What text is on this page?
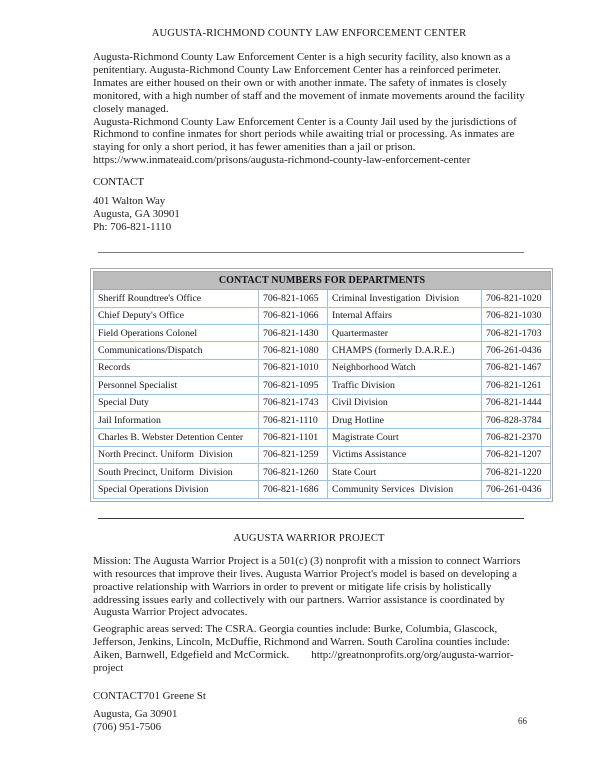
AUGUSTA-RICHMOND COUNTY LAW ENFORCEMENT CENTER

Augusta-Richmond County Law Enforcement Center is a high security facility, also known as a penitentiary. Augusta-Richmond County Law Enforcement Center has a reinforced perimeter. Inmates are either housed on their own or with another inmate. The safety of inmates is closely monitored, with a high number of staff and the movement of inmate movements around the facility closely managed.

Augusta-Richmond County Law Enforcement Center is a County Jail used by the jurisdictions of Richmond to confine inmates for short periods while awaiting trial or processing. As inmates are staying for only a short period, it has fewer amenities than a jail or prison.

https://www.inmateaid.com/prisons/augusta-richmond-county-law-enforcement-center

CONTACT

401 Walton Way
Augusta, GA 30901
Ph: 706-821-1110
CONTACT NUMBERS FOR DEPARTMENTS			
Sheriff Roundtree's Office	706-821-1065	Criminal Investigation  Division	706-821-1020
Chief Deputy's Office	706-821-1066	Internal Affairs	706-821-1030
Field Operations Colonel	706-821-1430	Quartermaster	706-821-1703
Communications/Dispatch	706-821-1080	CHAMPS (formerly D.A.R.E.)	706-261-0436
Records	706-821-1010	Neighborhood Watch	706-821-1467
Personnel Specialist	706-821-1095	Traffic Division	706-821-1261
Special Duty	706-821-1743	Civil Division	706-821-1444
Jail Information	706-821-1110	Drug Hotline	706-828-3784
Charles B. Webster Detention Center	706-821-1101	Magistrate Court	706-821-2370
North Precinct. Uniform  Division	706-821-1259	Victims Assistance	706-821-1207
South Precinct, Uniform  Division	706-821-1260	State Court	706-821-1220
Special Operations Division	706-821-1686	Community Services  Division	706-261-0436
AUGUSTA WARRIOR PROJECT

Mission: The Augusta Warrior Project is a 501(c) (3) nonprofit with a mission to connect Warriors with resources that improve their lives. Augusta Warrior Project's model is based on developing a proactive relationship with Warriors in order to prevent or mitigate life crisis by holistically addressing issues early and collectively with our partners. Warrior assistance is coordinated by Augusta Warrior Project advocates.

Geographic areas served: The CSRA. Georgia counties include: Burke, Columbia, Glascock, Jefferson, Jenkins, Lincoln, McDuffie, Richmond and Warren. South Carolina counties include: Aiken, Barnwell, Edgefield and McCormick. http://greatnonprofits.org/org/augusta-warrior-project

CONTACT701 Greene St

Augusta, Ga 30901
(706) 951-7506	66
